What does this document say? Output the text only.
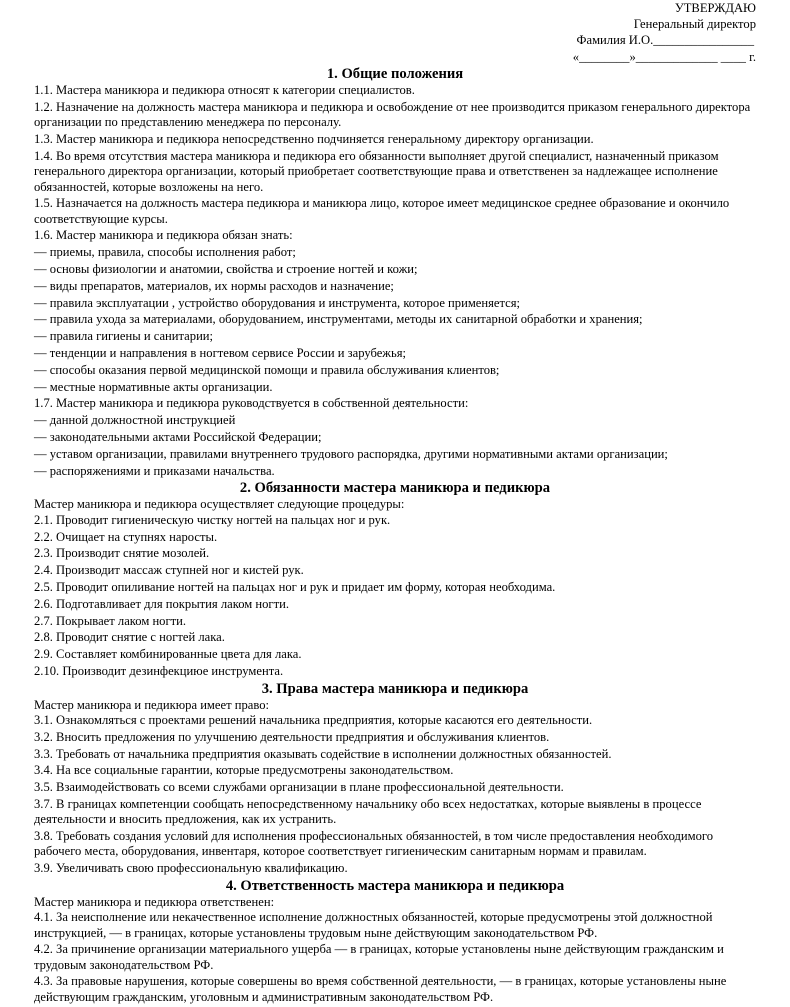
УТВЕРЖДАЮ
Генеральный директор
Фамилия И.О.________________
«________»_____________ ____ г.
1. Общие положения

1.1. Мастера маникюра и педикюра относят к категории специалистов.

1.2. Назначение на должность мастера маникюра и педикюра и освобождение от нее производится приказом генерального директора организации по представлению менеджера по персоналу.

1.3. Мастер маникюра и педикюра непосредственно подчиняется генеральному директору организации.

1.4. Во время отсутствия мастера маникюра и педикюра его обязанности выполняет другой специалист, назначенный приказом генерального директора организации, который приобретает соответствующие права и ответственен за надлежащее исполнение обязанностей, которые возложены на него.

1.5. Назначается на должность мастера педикюра и маникюра лицо, которое имеет медицинское среднее образование и окончило соответствующие курсы.

1.6. Мастер маникюра и педикюра обязан знать:

— приемы, правила, способы исполнения работ;

— основы физиологии и анатомии, свойства и строение ногтей и кожи;

— виды препаратов, материалов, их нормы расходов и назначение;

— правила эксплуатации , устройство оборудования и инструмента, которое применяется;

— правила ухода за материалами, оборудованием, инструментами, методы их санитарной обработки и хранения;

— правила гигиены и санитарии;

— тенденции и направления в ногтевом сервисе России и зарубежья;

— способы оказания первой медицинской помощи и правила обслуживания клиентов;

— местные нормативные акты организации.

1.7. Мастер маникюра и педикюра руководствуется в собственной деятельности:

— данной должностной инструкцией

— законодательными актами Российской Федерации;

— уставом организации, правилами внутреннего трудового распорядка, другими нормативными актами организации;

— распоряжениями и приказами начальства.

2. Обязанности мастера маникюра и педикюра

Мастер маникюра и педикюра осуществляет следующие процедуры:

2.1. Проводит гигиеническую чистку ногтей на пальцах ног и рук.

2.2. Очищает на ступнях наросты.

2.3. Производит снятие мозолей.

2.4. Производит массаж ступней ног и кистей рук.

2.5. Проводит опиливание ногтей на пальцах ног и рук и придает им форму, которая необходима.

2.6. Подготавливает для покрытия лаком ногти.

2.7. Покрывает лаком ногти.

2.8. Проводит снятие с ногтей лака.

2.9. Составляет комбинированные цвета для лака.

2.10. Производит дезинфекциюе инструмента.

3. Права мастера маникюра и педикюра

Мастер маникюра и педикюра имеет право:

3.1. Ознакомляться с проектами решений начальника предприятия, которые касаются его деятельности.

3.2. Вносить предложения по улучшению деятельности предприятия и обслуживания клиентов.

3.3. Требовать от начальника предприятия оказывать содействие в исполнении должностных обязанностей.

3.4. На все социальные гарантии, которые предусмотрены законодательством.

3.5. Взаимодействовать со всеми службами организации в плане профессиональной деятельности.

3.7. В границах компетенции сообщать непосредственному начальнику обо всех недостатках, которые выявлены в процессе деятельности и вносить предложения, как их устранить.

3.8. Требовать создания условий для исполнения профессиональных обязанностей, в том числе предоставления необходимого рабочего места, оборудования, инвентаря, которое соответствует гигиеническим санитарным нормам и правилам.

3.9. Увеличивать свою профессиональную квалификацию.

4. Ответственность мастера маникюра и педикюра

Мастер маникюра и педикюра ответственен:

4.1. За неисполнение или некачественное исполнение должностных обязанностей, которые предусмотрены этой должностной инструкцией, — в границах, которые установлены трудовым ныне действующим законодательством РФ.

4.2. За причинение организации материального ущерба — в границах, которые установлены ныне действующим гражданским и трудовым законодательством РФ.

4.3. За правовые нарушения, которые совершены во время собственной деятельности, — в границах, которые установлены ныне действующим гражданским, уголовным и административным законодательством РФ.
